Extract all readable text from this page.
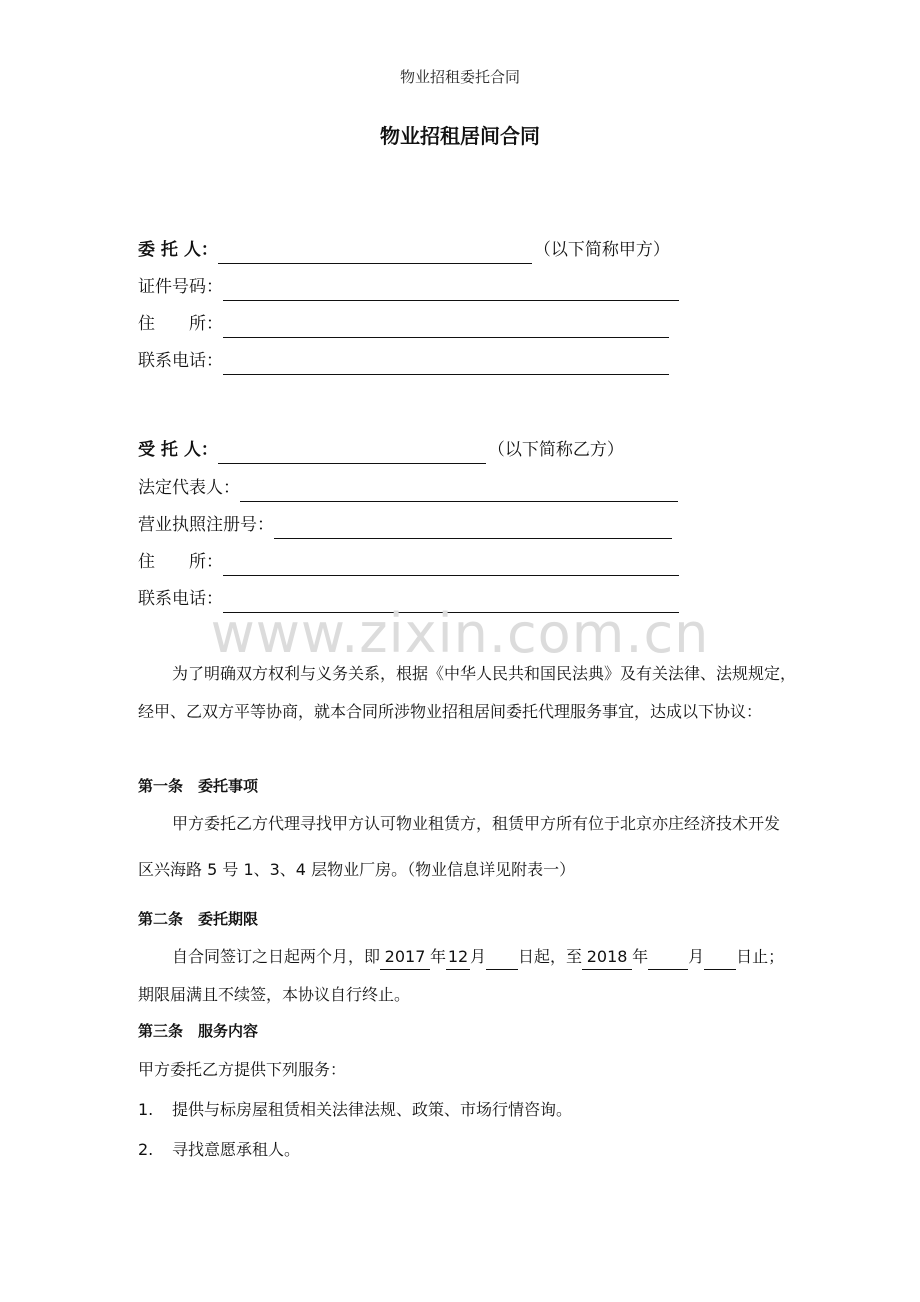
物业招租委托合同
物业招租居间合同
委 托 人：	（以下简称甲方）
证件号码：
住　　所：
联系电话：
受 托 人：	（以下简称乙方）
法定代表人：
营业执照注册号：
住　　所：
联系电话：
www.zixin.com.cn
为了明确双方权利与义务关系，根据《中华人民共和国民法典》及有关法律、法规规定，
经甲、乙双方平等协商，就本合同所涉物业招租居间委托代理服务事宜，达成以下协议：
第一条　委托事项
甲方委托乙方代理寻找甲方认可物业租赁方，租赁甲方所有位于北京亦庄经济技术开发
区兴海路 5 号 1、3、4 层物业厂房。（物业信息详见附表一）
第二条　委托期限
自合同签订之日起两个月，即 2017 年 12 月 日起，至 2018 年	月 日止；
期限届满且不续签，本协议自行终止。
第三条　服务内容
甲方委托乙方提供下列服务：
1. 提供与标房屋租赁相关法律法规、政策、市场行情咨询。
2. 寻找意愿承租人。
